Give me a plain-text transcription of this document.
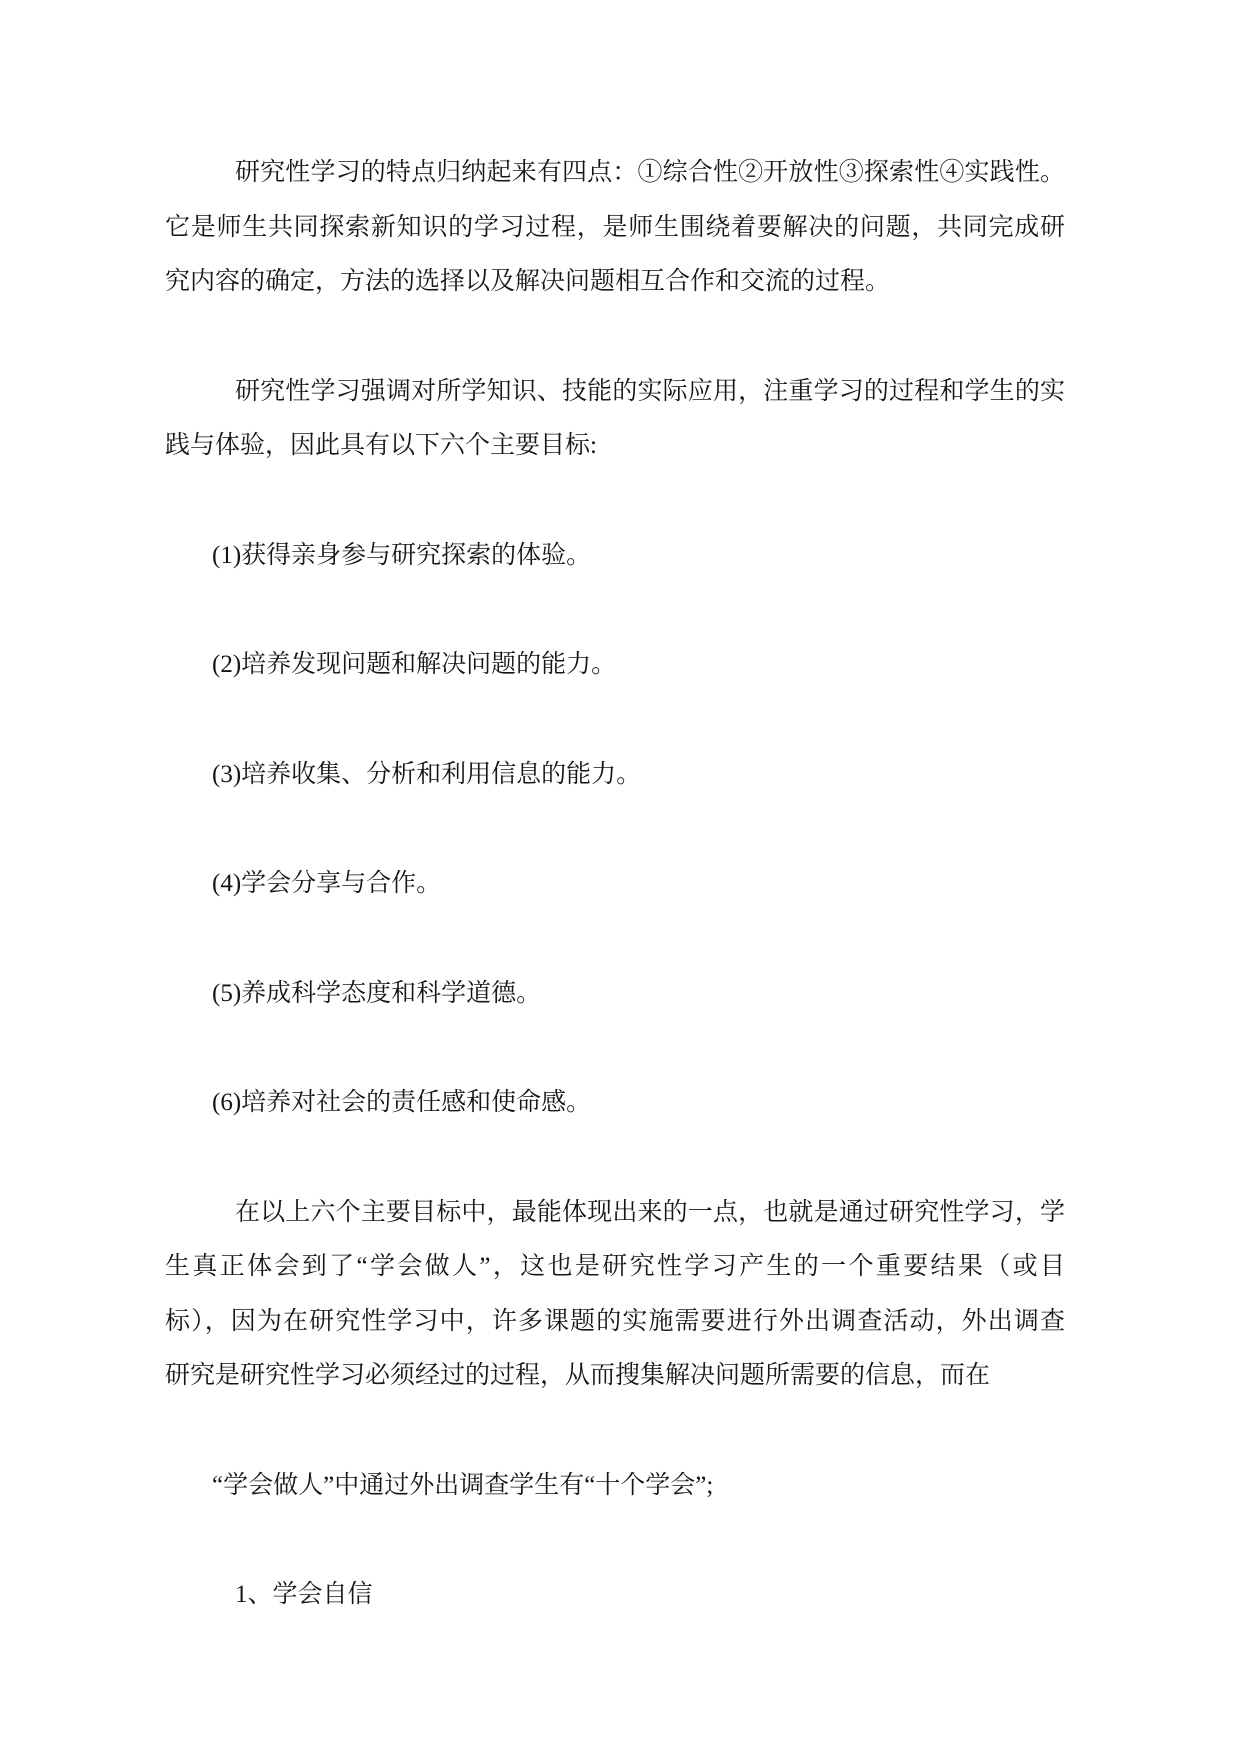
研究性学习的特点归纳起来有四点：①综合性②开放性③探索性④实践性。
它是师生共同探索新知识的学习过程，是师生围绕着要解决的问题，共同完成研
究内容的确定，方法的选择以及解决问题相互合作和交流的过程。
研究性学习强调对所学知识、技能的实际应用，注重学习的过程和学生的实
践与体验，因此具有以下六个主要目标:
(1)获得亲身参与研究探索的体验。
(2)培养发现问题和解决问题的能力。
(3)培养收集、分析和利用信息的能力。
(4)学会分享与合作。
(5)养成科学态度和科学道德。
(6)培养对社会的责任感和使命感。
在以上六个主要目标中，最能体现出来的一点，也就是通过研究性学习，学
生真正体会到了“学会做人”，这也是研究性学习产生的一个重要结果（或目
标），因为在研究性学习中，许多课题的实施需要进行外出调查活动，外出调查
研究是研究性学习必须经过的过程，从而搜集解决问题所需要的信息，而在
“学会做人”中通过外出调查学生有“十个学会”;
1、学会自信
